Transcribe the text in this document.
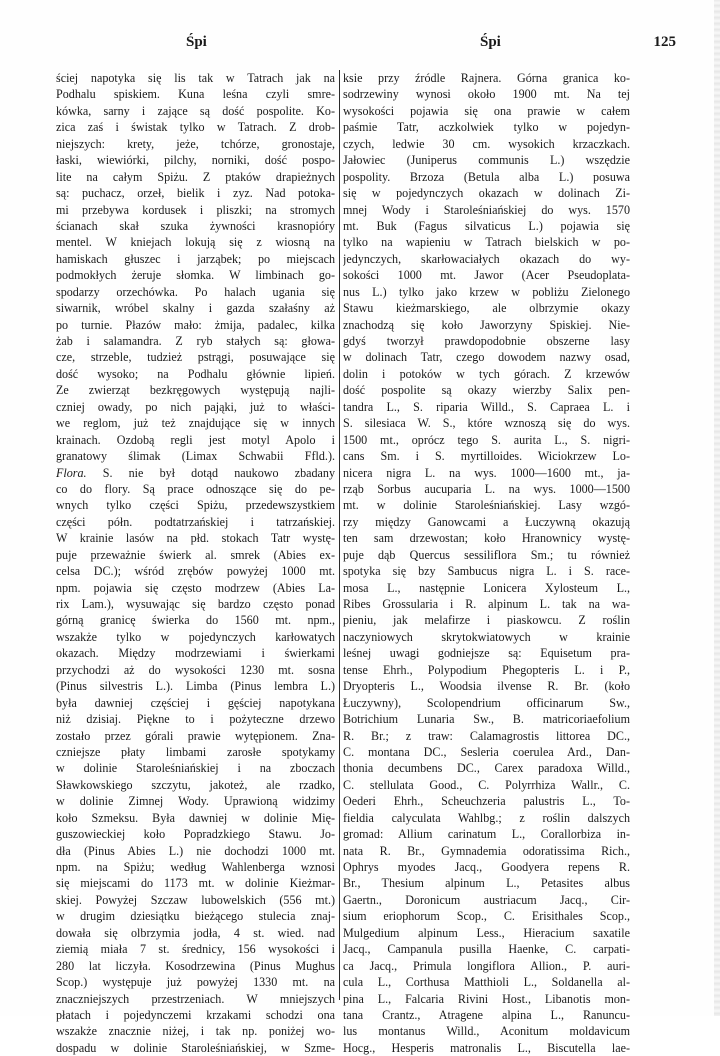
Śpi	Śpi	125
ściej napotyka się lis tak w Tatrach jak na
Podhalu spiskiem. Kuna leśna czyli smre-
kówka, sarny i zające są dość pospolite. Ko-
zica zaś i świstak tylko w Tatrach. Z drob-
niejszych: krety, jeże, tchórze, gronostaje,
łaski, wiewiórki, pilchy, norniki, dość pospo-
lite na całym Spiżu. Z ptaków drapieżnych
są: puchacz, orzeł, bielik i zyz. Nad potoka-
mi przebywa kordusek i pliszki; na stromych
ścianach skał szuka żywności krasnopióry
mentel. W kniejach lokują się z wiosną na
hamiskach głuszec i jarząbek; po miejscach
podmokłych żeruje słomka. W limbinach go-
spodarzy orzechówka. Po halach ugania się
siwarnik, wróbel skalny i gazda szałaśny aż
po turnie. Płazów mało: żmija, padalec, kilka
żab i salamandra. Z ryb stałych są: głowa-
cze, strzeble, tudzież pstrągi, posuwające się
dość wysoko; na Podhalu głównie lipień.
Ze zwierząt bezkręgowych występują najli-
czniej owady, po nich pająki, już to właści-
we reglom, już też znajdujące się w innych
krainach. Ozdobą regli jest motyl Apolo i
granatowy ślimak (Limax Schwabii Ffld.).
Flora. S. nie był dotąd naukowo zbadany
co do flory. Są prace odnoszące się do pe-
wnych tylko części Spiżu, przedewszystkiem
części półn. podtatrzańskiej i tatrzańskiej.
W krainie lasów na płd. stokach Tatr wystę-
puje przeważnie świerk al. smrek (Abies ex-
celsa DC.); wśród zrębów powyżej 1000 mt.
npm. pojawia się często modrzew (Abies La-
rix Lam.), wysuwając się bardzo często ponad
górną granicę świerka do 1560 mt. npm.,
wszakże tylko w pojedynczych karłowatych
okazach. Między modrzewiami i świerkami
przychodzi aż do wysokości 1230 mt. sosna
(Pinus silvestris L.). Limba (Pinus lembra L.)
była dawniej częściej i gęściej napotykana
niż dzisiaj. Piękne to i pożyteczne drzewo
zostało przez górali prawie wytępionem. Zna-
czniejsze płaty limbami zarosłe spotykamy
w dolinie Staroleśniańskiej i na zboczach
Sławkowskiego szczytu, jakoteż, ale rzadko,
w dolinie Zimnej Wody. Uprawioną widzimy
koło Szmeksu. Była dawniej w dolinie Mię-
guszowieckiej koło Popradzkiego Stawu. Jo-
dła (Pinus Abies L.) nie dochodzi 1000 mt.
npm. na Spiżu; według Wahlenberga wznosi
się miejscami do 1173 mt. w dolinie Kieżmar-
skiej. Powyżej Szczaw lubowelskich (556 mt.)
w drugim dziesiątku bieżącego stulecia znaj-
dowała się olbrzymia jodła, 4 st. wied. nad
ziemią miała 7 st. średnicy, 156 wysokości i
280 lat liczyła. Kosodrzewina (Pinus Mughus
Scop.) występuje już powyżej 1330 mt. na
znaczniejszych przestrzeniach. W mniejszych
płatach i pojedynczemi krzakami schodzi ona
wszakże znacznie niżej, i tak np. poniżej wo-
dospadu w dolinie Staroleśniańskiej, w Szme-
ksie przy źródle Rajnera. Górna granica ko-
sodrzewiny wynosi około 1900 mt. Na tej
wysokości pojawia się ona prawie w całem
paśmie Tatr, aczkolwiek tylko w pojedyn-
czych, ledwie 30 cm. wysokich krzaczkach.
Jałowiec (Juniperus communis L.) wszędzie
pospolity. Brzoza (Betula alba L.) posuwa
się w pojedynczych okazach w dolinach Zi-
mnej Wody i Staroleśniańskiej do wys. 1570
mt. Buk (Fagus silvaticus L.) pojawia się
tylko na wapieniu w Tatrach bielskich w po-
jedynczych, skarłowaciałych okazach do wy-
sokości 1000 mt. Jawor (Acer Pseudoplata-
nus L.) tylko jako krzew w pobliżu Zielonego
Stawu kieżmarskiego, ale olbrzymie okazy
znachodzą się koło Jaworzyny Spiskiej. Nie-
gdyś tworzył prawdopodobnie obszerne lasy
w dolinach Tatr, czego dowodem nazwy osad,
dolin i potoków w tych górach. Z krzewów
dość pospolite są okazy wierzby Salix pen-
tandra L., S. riparia Willd., S. Capraea L. i
S. silesiaca W. S., które wznoszą się do wys.
1500 mt., oprócz tego S. aurita L., S. nigri-
cans Sm. i S. myrtilloides. Wiciokrzew Lo-
nicera nigra L. na wys. 1000—1600 mt., ja-
rząb Sorbus aucuparia L. na wys. 1000—1500
mt. w dolinie Staroleśniańskiej. Lasy wzgó-
rzy między Ganowcami a Łuczywną okazują
ten sam drzewostan; koło Hranownicy wystę-
puje dąb Quercus sessiliflora Sm.; tu również
spotyka się bzy Sambucus nigra L. i S. race-
mosa L., następnie Lonicera Xylosteum L.,
Ribes Grossularia i R. alpinum L. tak na wa-
pieniu, jak melafirze i piaskowcu. Z roślin
naczyniowych skrytokwiatowych w krainie
leśnej uwagi godniejsze są: Equisetum pra-
tense Ehrh., Polypodium Phegopteris L. i P.,
Dryopteris L., Woodsia ilvense R. Br. (koło
Łuczywny), Scolopendrium officinarum Sw.,
Botrichium Lunaria Sw., B. matricoriaefolium
R. Br.; z traw: Calamagrostis littorea DC.,
C. montana DC., Sesleria coerulea Ard., Dan-
thonia decumbens DC., Carex paradoxa Willd.,
C. stellulata Good., C. Polyrrhiza Wallr., C.
Oederi Ehrh., Scheuchzeria palustris L., To-
fieldia calyculata Wahlbg.; z roślin dalszych
gromad: Allium carinatum L., Corallorbiza in-
nata R. Br., Gymnademia odoratissima Rich.,
Ophrys myodes Jacq., Goodyera repens R.
Br., Thesium alpinum L., Petasites albus
Gaertn., Doronicum austriacum Jacq., Cir-
sium eriophorum Scop., C. Erisithales Scop.,
Mulgedium alpinum Less., Hieracium saxatile
Jacq., Campanula pusilla Haenke, C. carpati-
ca Jacq., Primula longiflora Allion., P. auri-
cula L., Corthusa Matthioli L., Soldanella al-
pina L., Falcaria Rivini Host., Libanotis mon-
tana Crantz., Atragene alpina L., Ranuncu-
lus montanus Willd., Aconitum moldavicum
Hocg., Hesperis matronalis L., Biscutella lae-
